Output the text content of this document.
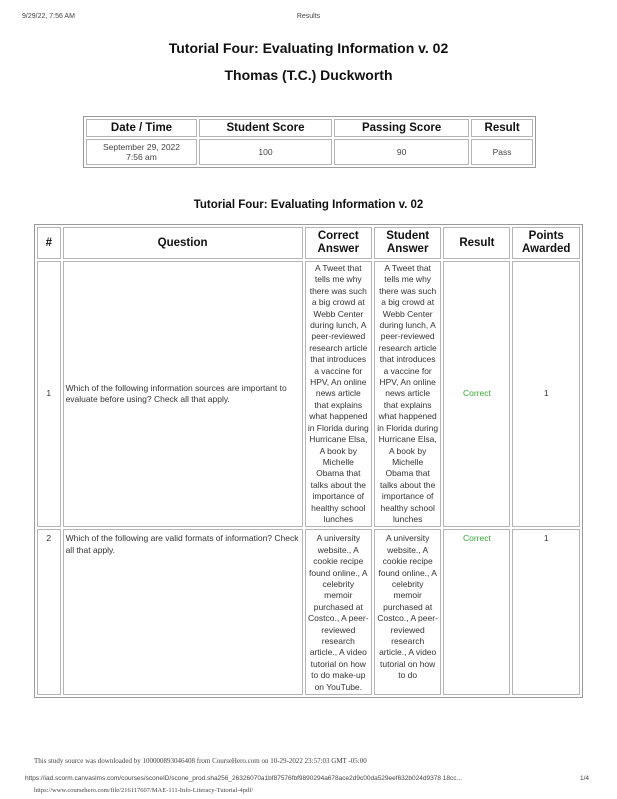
9/29/22, 7:56 AM	Results
Tutorial Four: Evaluating Information v. 02
Thomas (T.C.) Duckworth
Date / Time	Student Score	Passing Score	Result
September 29, 2022
7:56 am	100	90	Pass
Tutorial Four: Evaluating Information v. 02
#	Question	Correct Answer	Student Answer	Result	Points Awarded
1	Which of the following information sources are important to evaluate before using? Check all that apply.	A Tweet that tells me why there was such a big crowd at Webb Center during lunch, A peer-reviewed research article that introduces a vaccine for HPV, An online news article that explains what happened in Florida during Hurricane Elsa, A book by Michelle Obama that talks about the importance of healthy school lunches	A Tweet that tells me why there was such a big crowd at Webb Center during lunch, A peer-reviewed research article that introduces a vaccine for HPV, An online news article that explains what happened in Florida during Hurricane Elsa, A book by Michelle Obama that talks about the importance of healthy school lunches	Correct	1
2	Which of the following are valid formats of information? Check all that apply.	A university website., A cookie recipe found online., A celebrity memoir purchased at Costco., A peer-reviewed research article., A video tutorial on how to do make-up on YouTube.	A university website., A cookie recipe found online., A celebrity memoir purchased at Costco., A peer-reviewed research article., A video tutorial on how to do	Correct	1
This study source was downloaded by 100000893046408 from CourseHero.com on 10-29-2022 23:57:03 GMT -05:00
https://iad.scorm.canvaslms.com/courses/sconeID/scone_prod.sha256_26326070a1bf87576fbf9890294a678ace2d9c00da529eef632b024d9378 18cc...	1/4
https://www.coursehero.com/file/216117607/MAE-111-Info-Literacy-Tutorial-4pdf/
